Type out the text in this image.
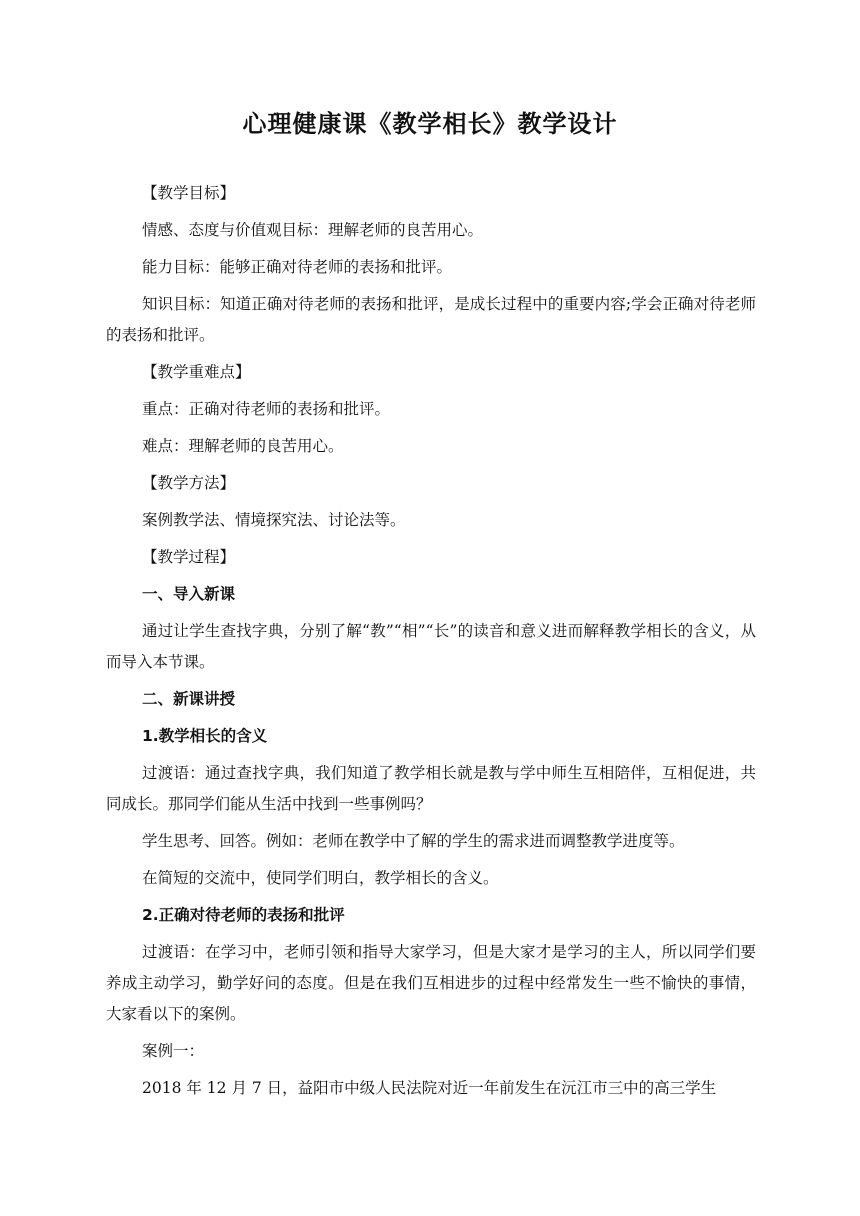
心理健康课《教学相长》教学设计

【教学目标】

情感、态度与价值观目标：理解老师的良苦用心。

能力目标：能够正确对待老师的表扬和批评。

知识目标：知道正确对待老师的表扬和批评，是成长过程中的重要内容;学会正确对待老师的表扬和批评。

【教学重难点】

重点：正确对待老师的表扬和批评。

难点：理解老师的良苦用心。

【教学方法】

案例教学法、情境探究法、讨论法等。

【教学过程】

一、导入新课

通过让学生查找字典，分别了解“教”“相”“长”的读音和意义进而解释教学相长的含义，从而导入本节课。

二、新课讲授

1.教学相长的含义

过渡语：通过查找字典，我们知道了教学相长就是教与学中师生互相陪伴，互相促进，共同成长。那同学们能从生活中找到一些事例吗？

学生思考、回答。例如：老师在教学中了解的学生的需求进而调整教学进度等。

在简短的交流中，使同学们明白，教学相长的含义。

2.正确对待老师的表扬和批评

过渡语：在学习中，老师引领和指导大家学习，但是大家才是学习的主人，所以同学们要养成主动学习，勤学好问的态度。但是在我们互相进步的过程中经常发生一些不愉快的事情，大家看以下的案例。

案例一：

2018 年 12 月 7 日，益阳市中级人民法院对近一年前发生在沅江市三中的高三学生
